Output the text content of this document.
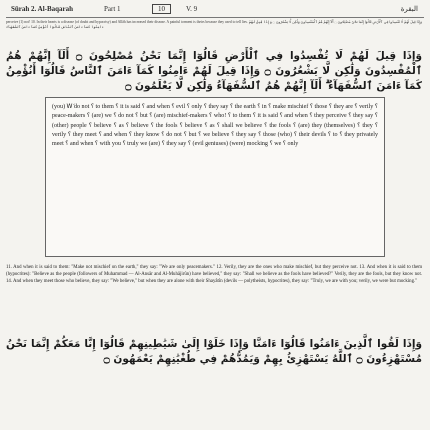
Sūrah 2. Al-Baqarah	Part 1	10	V. 9	البقرة
perceive (1) not! 10. In their hearts is a disease (of doubt and hypocrisy) and Allâh has increased their disease. A painful torment is theirs because they used to tell lies. وَإِذَا قِيلَ لَهُمْ لَا تُفْسِدُوا فِي ٱلْأَرْضِ قَالُوٓا إِنَّمَا نَحْنُ مُصْلِحُونَ ۝ أَلَآ إِنَّهُمْ هُمُ ٱلْمُفْسِدُونَ وَلَٰكِن لَّا يَشْعُرُونَ ۝ وَإِذَا قِيلَ لَهُمْ ءَامِنُوا كَمَآ ءَامَنَ ٱلنَّاسُ قَالُوٓا أَنُؤْمِنُ كَمَآ ءَامَنَ ٱلسُّفَهَآءُ
وَإِذَا قِيلَ لَهُمْ لَا تُفْسِدُوا فِي ٱلْأَرْضِ قَالُوٓا إِنَّمَا نَحْنُ مُصْلِحُونَ ۝ أَلَآ إِنَّهُمْ هُمُ ٱلْمُفْسِدُونَ وَلَٰكِن لَّا يَشْعُرُونَ ۝ وَإِذَا قِيلَ لَهُمْ ءَامِنُوا كَمَآ ءَامَنَ ٱلنَّاسُ قَالُوٓا أَنُؤْمِنُ كَمَآ ءَامَنَ ٱلسُّفَهَآءُ ۗ أَلَآ إِنَّهُمْ هُمُ ٱلسُّفَهَآءُ وَلَٰكِن لَّا يَعْلَمُونَ ۝
(you) Wَ do not ؟ to them ؟ it is said ؟ and when ؟ evil ؟ only ؟ they say ؟ the earth ؟ in ؟ make mischief ؟ those ؟ they are ؟ verily ؟ peace-makers ؟ (are) we ؟ do not ؟ but ؟ (are) mischief-makers ؟ who! ؟ to them ؟ it is said ؟ and when ؟ they perceive ؟ they say ؟ (other) people ؟ believe ؟ as ؟ believe ؟ the fools ؟ believe ؟ as ؟ shall we believe ؟ the fools ؟ (are) they (themselves) ؟ they ؟ verily ؟ they meet ؟ and when ؟ they know ؟ do not ؟ but ؟ we believe ؟ they say ؟ those (who) ؟ their devils ؟ to ؟ they privately meet ؟ and when ؟ with you ؟ truly we (are) ؟ they say ؟ (evil geniuses) (were) mocking ؟ we ؟ only
11. And when it is said to them: "Make not mischief on the earth," they say: "We are only peacemakers." 12. Verily, they are the ones who make mischief, but they perceive not. 13. And when it is said to them (hypocrites): "Believe as the people (followers of Muhammad — Al-Ansâr and Al-Muhâjirûn) have believed," they say: "Shall we believe as the fools have believed?" Verily, they are the fools, but they know not. 14. And when they meet those who believe, they say: "We believe," but when they are alone with their Shayâtîn (devils — polytheists, hypocrites), they say: "Truly, we are with you; verily, we were but mocking."
وَإِذَا لَقُوا ٱلَّذِينَ ءَامَنُوا قَالُوٓا ءَامَنَّا وَإِذَا خَلَوْا إِلَىٰ شَيَٰطِينِهِمْ قَالُوٓا إِنَّا مَعَكُمْ إِنَّمَا نَحْنُ مُسْتَهْزِءُونَ ۝ ٱللَّهُ يَسْتَهْزِئُ بِهِمْ وَيَمُدُّهُمْ فِي طُغْيَٰنِهِمْ يَعْمَهُونَ ۝
